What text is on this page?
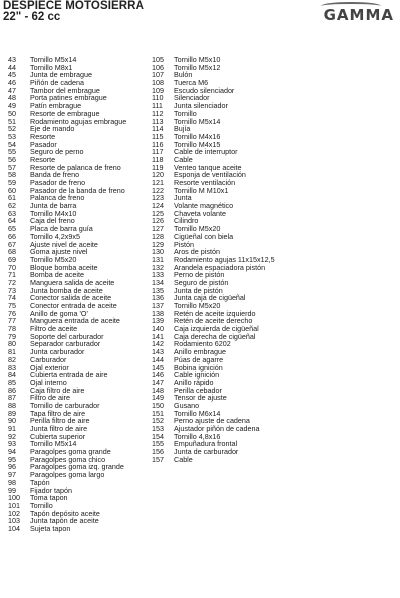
DESPIECE MOTOSIERRA
22" - 62 cc	GAMMA
43	Tornillo M5x14
44	Tornillo M8x1
45	Junta de embrague
46	Piñón de cadena
47	Tambor del embrague
48	Porta patines embrague
49	Patín embrague
50	Resorte de embrague
51	Rodamiento agujas embrague
52	Eje de mando
53	Resorte
54	Pasador
55	Seguro de perno
56	Resorte
57	Resorte de palanca de freno
58	Banda de freno
59	Pasador de freno
60	Pasador de la banda de freno
61	Palanca de freno
62	Junta de barra
63	Tornillo M4x10
64	Caja del freno
65	Placa de barra guía
66	Tornillo 4,2x9x5
67	Ajuste nivel de aceite
68	Goma ajuste nivel
69	Tornillo M5x20
70	Bloque bomba aceite
71	Bomba de aceite
72	Manguera salida de aceite
73	Junta bomba de aceite
74	Conector salida de aceite
75	Conector entrada de aceite
76	Anillo de goma 'O'
77	Manguera entrada de aceite
78	Filtro de aceite
79	Soporte del carburador
80	Separador carburador
81	Junta carburador
82	Carburador
83	Ojal exterior
84	Cubierta entrada de aire
85	Ojal interno
86	Caja filtro de aire
87	Filtro de aire
88	Tornillo de carburador
89	Tapa filtro de aire
90	Perilla filtro de aire
91	Junta filtro de aire
92	Cubierta superior
93	Tornillo M5x14
94	Paragolpes goma grande
95	Paragolpes goma chico
96	Paragolpes goma izq. grande
97	Paragolpes goma largo
98	Tapón
99	Fijador tapón
100	Toma tapon
101	Tornillo
102	Tapón depósito aceite
103	Junta tapón de aceite
104	Sujeta tapon
105	Tornillo M5x10
106	Tornillo M5x12
107	Bulón
108	Tuerca M6
109	Escudo silenciador
110	Silenciador
111	Junta silenciador
112	Tornillo
113	Tornillo M5x14
114	Bujía
115	Tornillo M4x16
116	Tornillo M4x15
117	Cable de interruptor
118	Cable
119	Venteo tanque aceite
120	Esponja de ventilación
121	Resorte ventilación
122	Tornillo M M10x1
123	Junta
124	Volante magnético
125	Chaveta volante
126	Cilindro
127	Tornillo M5x20
128	Cigüeñal con biela
129	Pistón
130	Aros de pistón
131	Rodamiento agujas 11x15x12,5
132	Arandela espaciadora pistón
133	Perno de pistón
134	Seguro de pistón
135	Junta de pistón
136	Junta caja de cigüeñal
137	Tornillo M5x20
138	Retén de aceite izquierdo
139	Retén de aceite derecho
140	Caja izquierda de cigüeñal
141	Caja derecha de cigüeñal
142	Rodamiento 6202
143	Anillo embrague
144	Púas de agarre
145	Bobina ignición
146	Cable ignición
147	Anillo rápido
148	Perilla cebador
149	Tensor de ajuste
150	Gusano
151	Tornillo M6x14
152	Perno ajuste de cadena
153	Ajustador piñón de cadena
154	Tornillo 4,8x16
155	Empuñadura frontal
156	Junta de carburador
157	Cable
